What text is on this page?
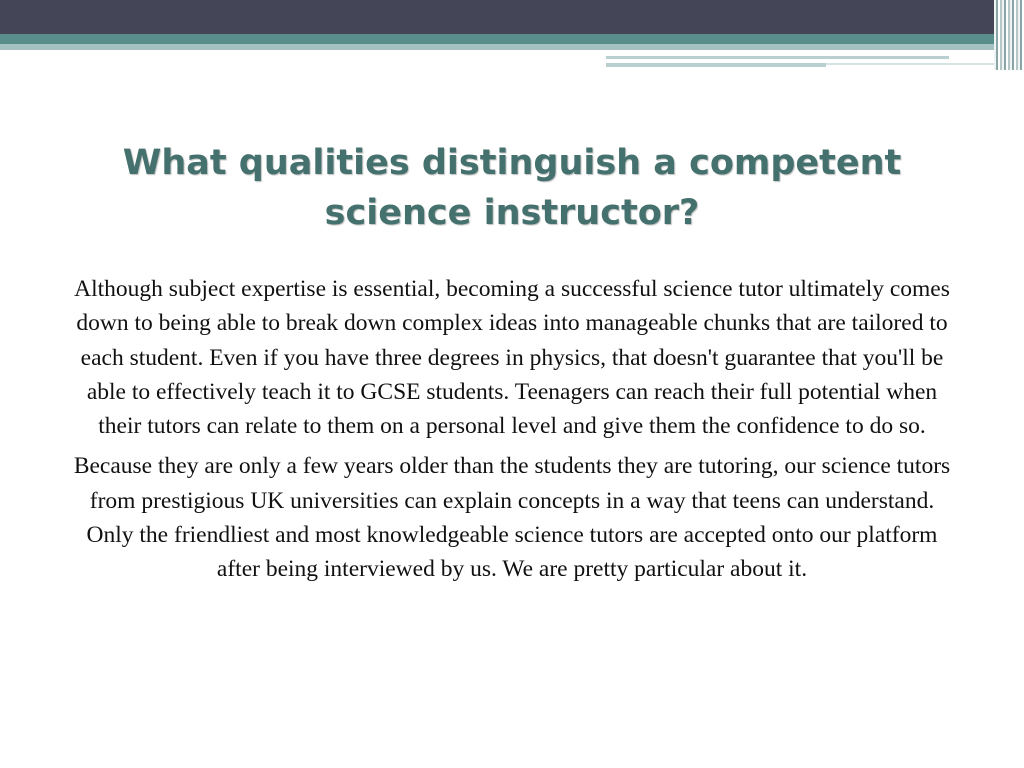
What qualities distinguish a competent science instructor?

Although subject expertise is essential, becoming a successful science tutor ultimately comes down to being able to break down complex ideas into manageable chunks that are tailored to each student. Even if you have three degrees in physics, that doesn't guarantee that you'll be able to effectively teach it to GCSE students. Teenagers can reach their full potential when their tutors can relate to them on a personal level and give them the confidence to do so.

Because they are only a few years older than the students they are tutoring, our science tutors from prestigious UK universities can explain concepts in a way that teens can understand. Only the friendliest and most knowledgeable science tutors are accepted onto our platform after being interviewed by us. We are pretty particular about it.
